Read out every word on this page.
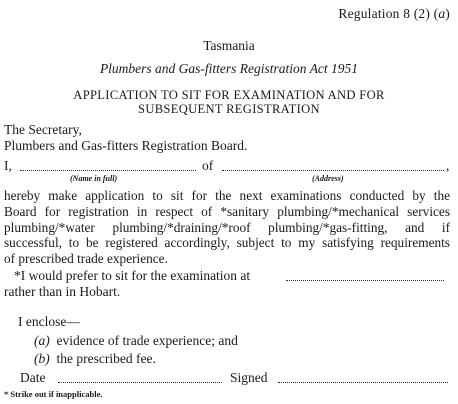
Regulation 8 (2) (a)
Tasmania
Plumbers and Gas-fitters Registration Act 1951
APPLICATION TO SIT FOR EXAMINATION AND FOR
SUBSEQUENT REGISTRATION
The Secretary,
Plumbers and Gas-fitters Registration Board.
I,	of	,
(Name in full)	(Address)
hereby make application to sit for the next examinations conducted by the
Board for registration in respect of *sanitary plumbing/*mechanical services
plumbing/*water plumbing/*draining/*roof plumbing/*gas-fitting, and if
successful, to be registered accordingly, subject to my satisfying requirements
of prescribed trade experience.
*I would prefer to sit for the examination at
rather than in Hobart.
I enclose—
(a) evidence of trade experience; and
(b) the prescribed fee.
Date	Signed
* Strike out if inapplicable.
